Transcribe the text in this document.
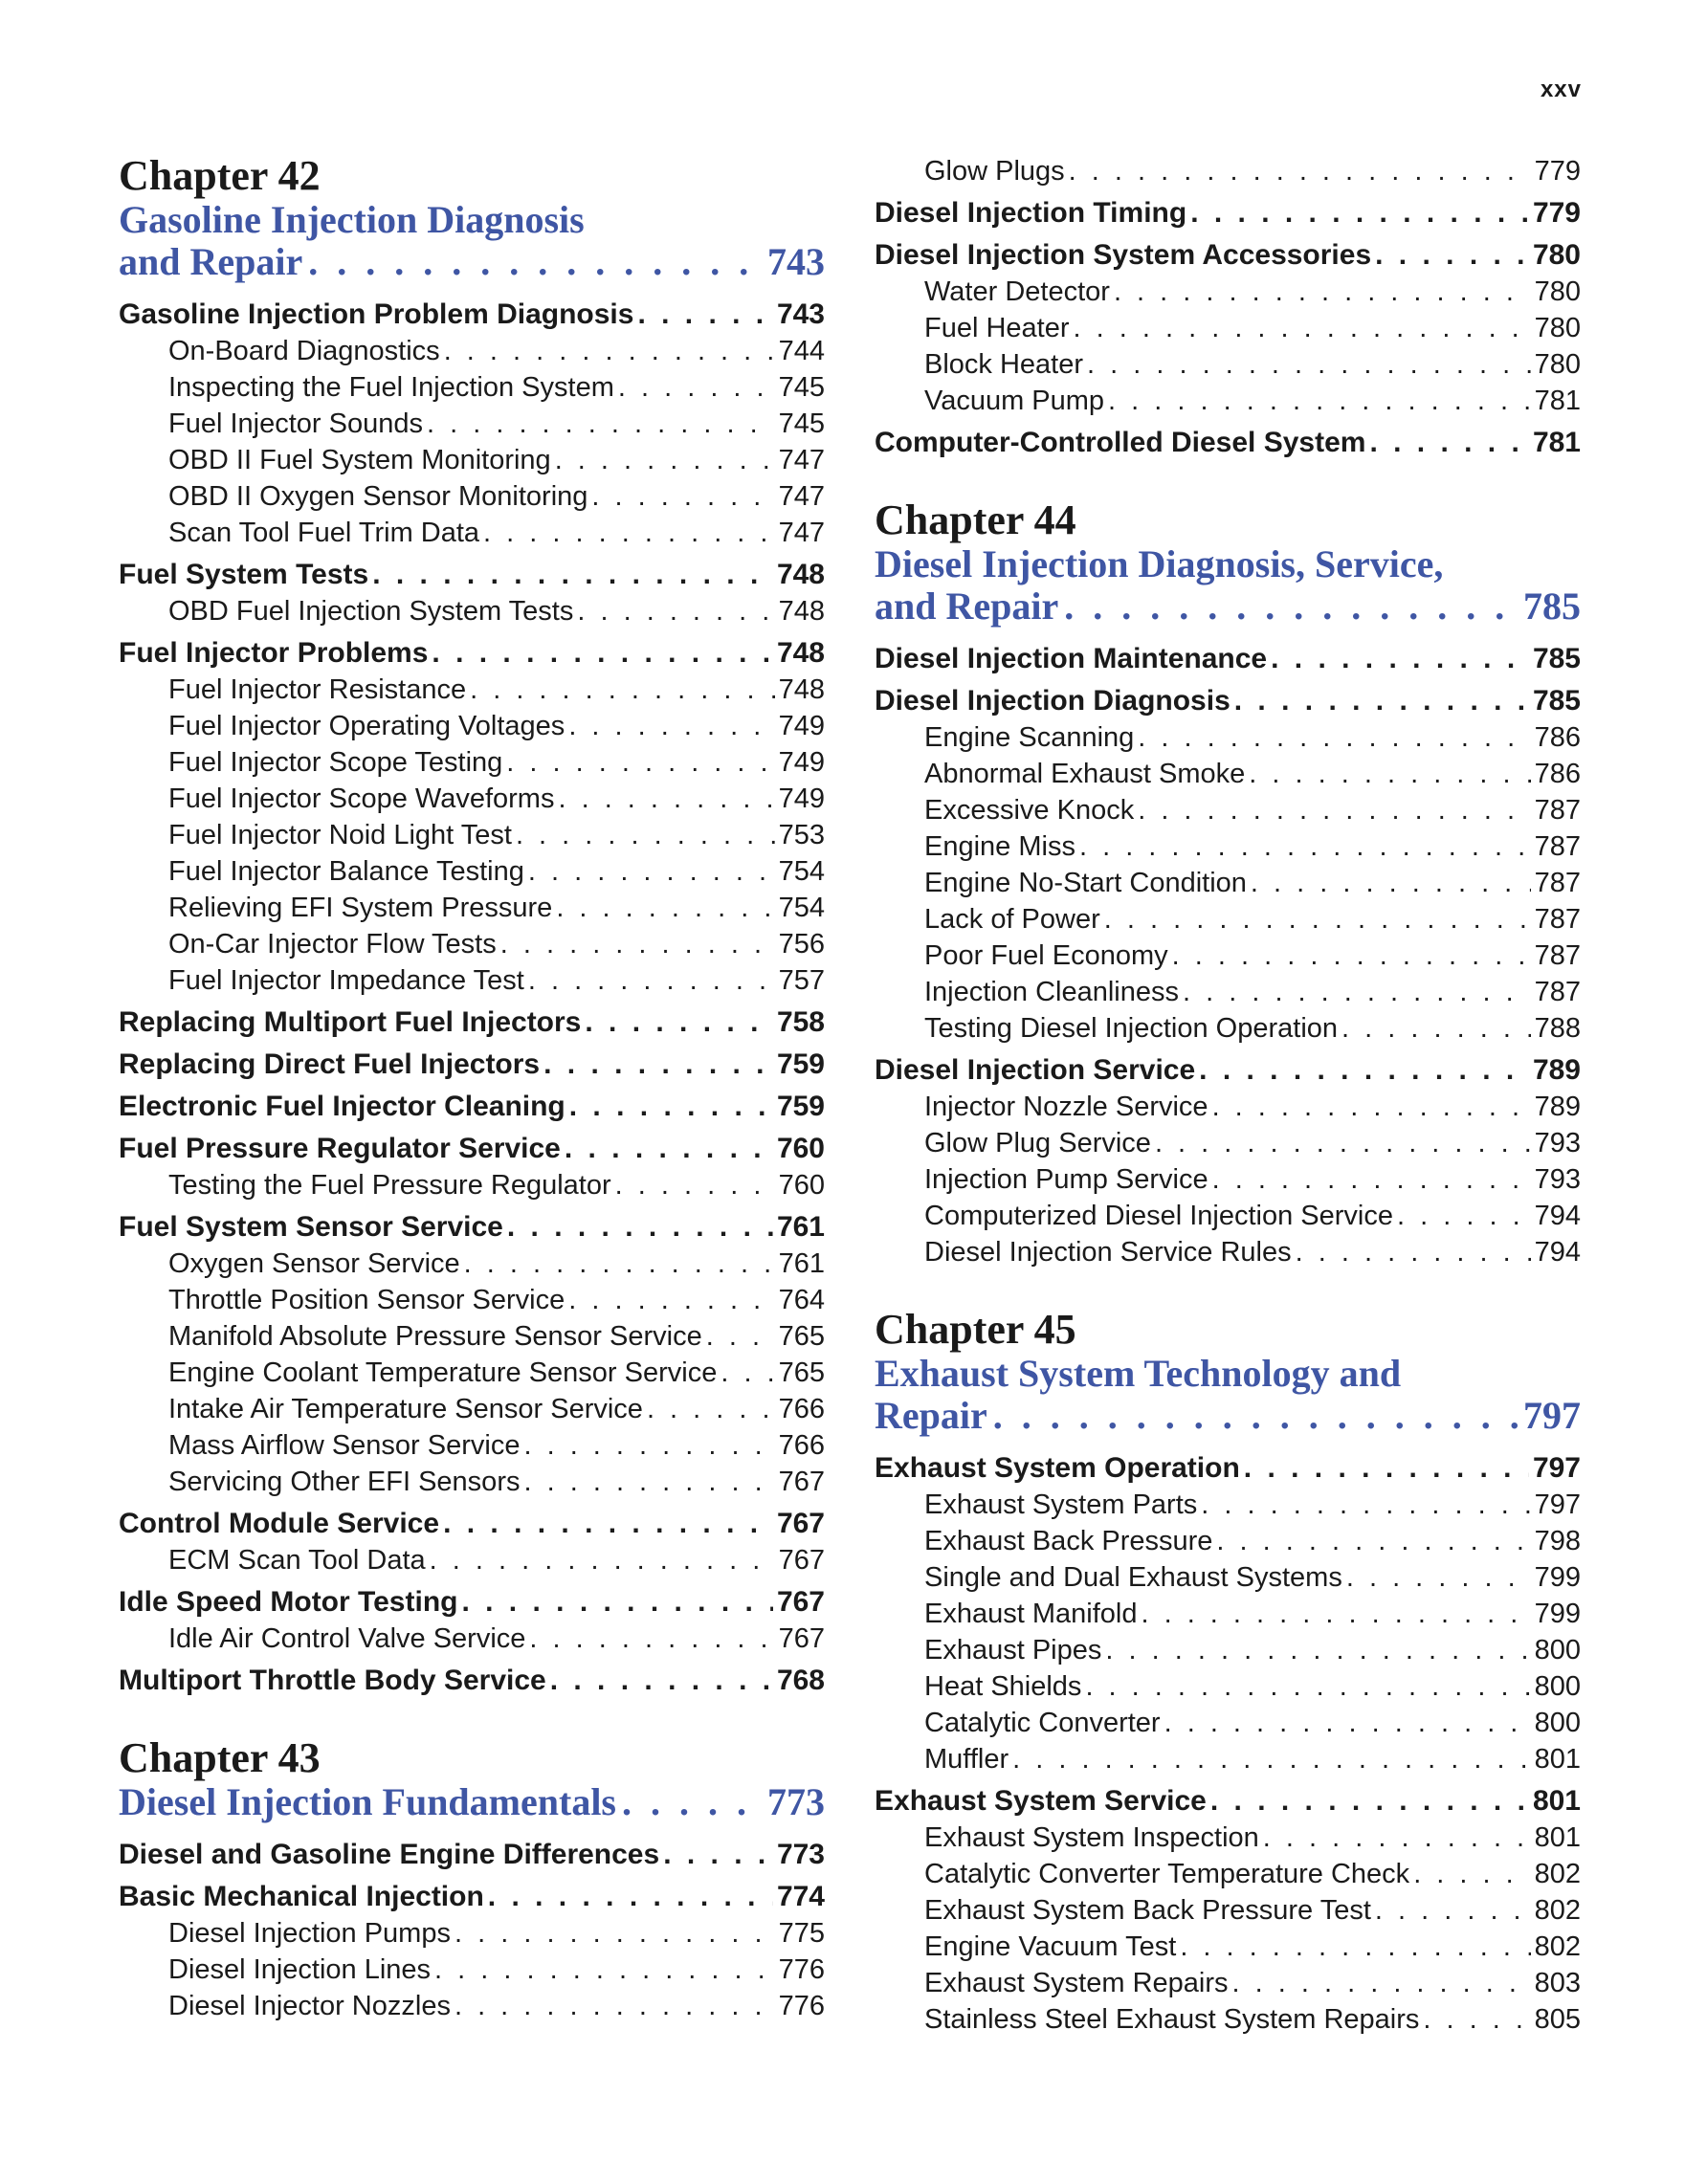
xxv
Chapter 42
Gasoline Injection Diagnosis
and Repair . . .	743
Gasoline Injection Problem Diagnosis . . .	743
On-Board Diagnostics . . .	744
Inspecting the Fuel Injection System . . .	745
Fuel Injector Sounds . . .	745
OBD II Fuel System Monitoring . . .	747
OBD II Oxygen Sensor Monitoring . . .	747
Scan Tool Fuel Trim Data . . .	747
Fuel System Tests . . .	748
OBD Fuel Injection System Tests . . .	748
Fuel Injector Problems . . .	748
Fuel Injector Resistance . . .	748
Fuel Injector Operating Voltages . . .	749
Fuel Injector Scope Testing . . .	749
Fuel Injector Scope Waveforms . . .	749
Fuel Injector Noid Light Test . . .	753
Fuel Injector Balance Testing . . .	754
Relieving EFI System Pressure . . .	754
On-Car Injector Flow Tests . . .	756
Fuel Injector Impedance Test . . .	757
Replacing Multiport Fuel Injectors . . .	758
Replacing Direct Fuel Injectors . . .	759
Electronic Fuel Injector Cleaning . . .	759
Fuel Pressure Regulator Service . . .	760
Testing the Fuel Pressure Regulator . . .	760
Fuel System Sensor Service . . .	761
Oxygen Sensor Service . . .	761
Throttle Position Sensor Service . . .	764
Manifold Absolute Pressure Sensor Service . . .	765
Engine Coolant Temperature Sensor Service . . . 765
Intake Air Temperature Sensor Service . . .	766
Mass Airflow Sensor Service . . .	766
Servicing Other EFI Sensors . . .	767
Control Module Service . . .	767
ECM Scan Tool Data . . .	767
Idle Speed Motor Testing . . .	767
Idle Air Control Valve Service . . .	767
Multiport Throttle Body Service . . .	768
Chapter 43
Diesel Injection Fundamentals . . .	773
Diesel and Gasoline Engine Differences . . .	773
Basic Mechanical Injection . . .	774
Diesel Injection Pumps . . .	775
Diesel Injection Lines . . .	776
Diesel Injector Nozzles . . .	776
Glow Plugs . . .	779
Diesel Injection Timing . . .	779
Diesel Injection System Accessories . . .	780
Water Detector . . .	780
Fuel Heater . . .	780
Block Heater . . .	780
Vacuum Pump . . .	781
Computer-Controlled Diesel System . . .	781
Chapter 44
Diesel Injection Diagnosis, Service,
and Repair . . .	785
Diesel Injection Maintenance . . .	785
Diesel Injection Diagnosis . . .	785
Engine Scanning . . .	786
Abnormal Exhaust Smoke . . .	786
Excessive Knock . . .	787
Engine Miss . . .	787
Engine No-Start Condition . . .	787
Lack of Power . . .	787
Poor Fuel Economy . . .	787
Injection Cleanliness . . .	787
Testing Diesel Injection Operation . . .	788
Diesel Injection Service . . .	789
Injector Nozzle Service . . .	789
Glow Plug Service . . .	793
Injection Pump Service . . .	793
Computerized Diesel Injection Service . . .	794
Diesel Injection Service Rules . . .	794
Chapter 45
Exhaust System Technology and
Repair . . .	797
Exhaust System Operation . . .	797
Exhaust System Parts . . .	797
Exhaust Back Pressure . . .	798
Single and Dual Exhaust Systems . . .	799
Exhaust Manifold . . .	799
Exhaust Pipes . . .	800
Heat Shields . . .	800
Catalytic Converter . . .	800
Muffler . . .	801
Exhaust System Service . . .	801
Exhaust System Inspection . . .	801
Catalytic Converter Temperature Check . . .	802
Exhaust System Back Pressure Test . . .	802
Engine Vacuum Test . . .	802
Exhaust System Repairs . . .	803
Stainless Steel Exhaust System Repairs . . .	805
